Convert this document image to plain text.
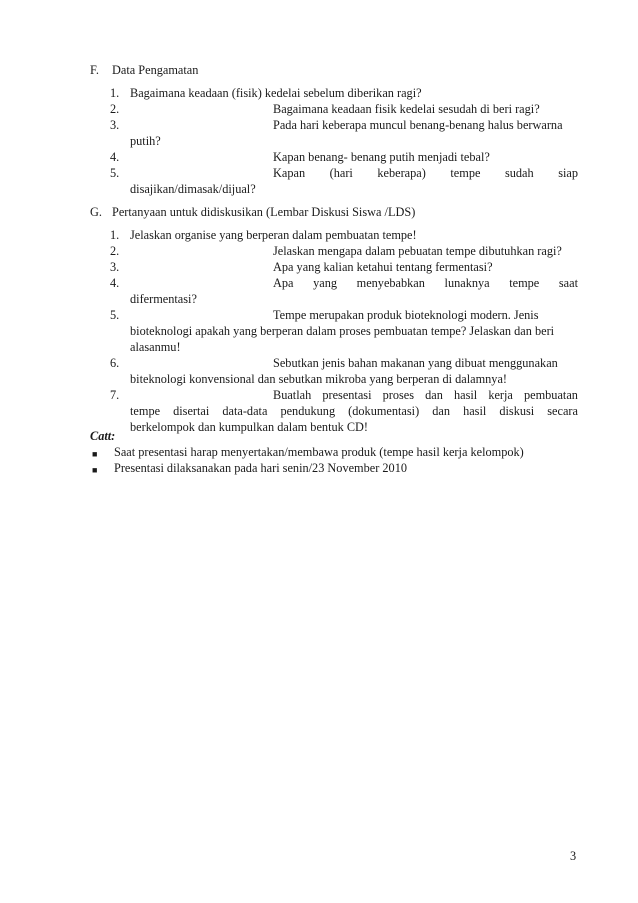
F. Data Pengamatan
1. Bagaimana keadaan (fisik) kedelai sebelum diberikan ragi?
2.	Bagaimana keadaan fisik kedelai sesudah di beri ragi?
3.	Pada hari keberapa muncul benang-benang halus berwarna
putih?
4.	Kapan benang- benang putih menjadi tebal?
5.	Kapan (hari keberapa) tempe sudah siap
disajikan/dimasak/dijual?
G. Pertanyaan untuk didiskusikan (Lembar Diskusi Siswa /LDS)
1. Jelaskan organise yang berperan dalam pembuatan tempe!
2.	Jelaskan mengapa dalam pebuatan tempe dibutuhkan ragi?
3.	Apa yang kalian ketahui tentang fermentasi?
4.	Apa yang menyebabkan lunaknya tempe saat
difermentasi?
5.	Tempe merupakan produk bioteknologi modern. Jenis
bioteknologi apakah yang berperan dalam proses pembuatan tempe? Jelaskan dan beri
alasanmu!
6.	Sebutkan jenis bahan makanan yang dibuat menggunakan
biteknologi konvensional dan sebutkan mikroba yang berperan di dalamnya!
7.	Buatlah presentasi proses dan hasil kerja pembuatan
tempe disertai data-data pendukung (dokumentasi) dan hasil diskusi secara
berkelompok dan kumpulkan dalam bentuk CD!
Catt:
■ Saat presentasi harap menyertakan/membawa produk (tempe hasil kerja kelompok)
■ Presentasi dilaksanakan pada hari senin/23 November 2010
3
